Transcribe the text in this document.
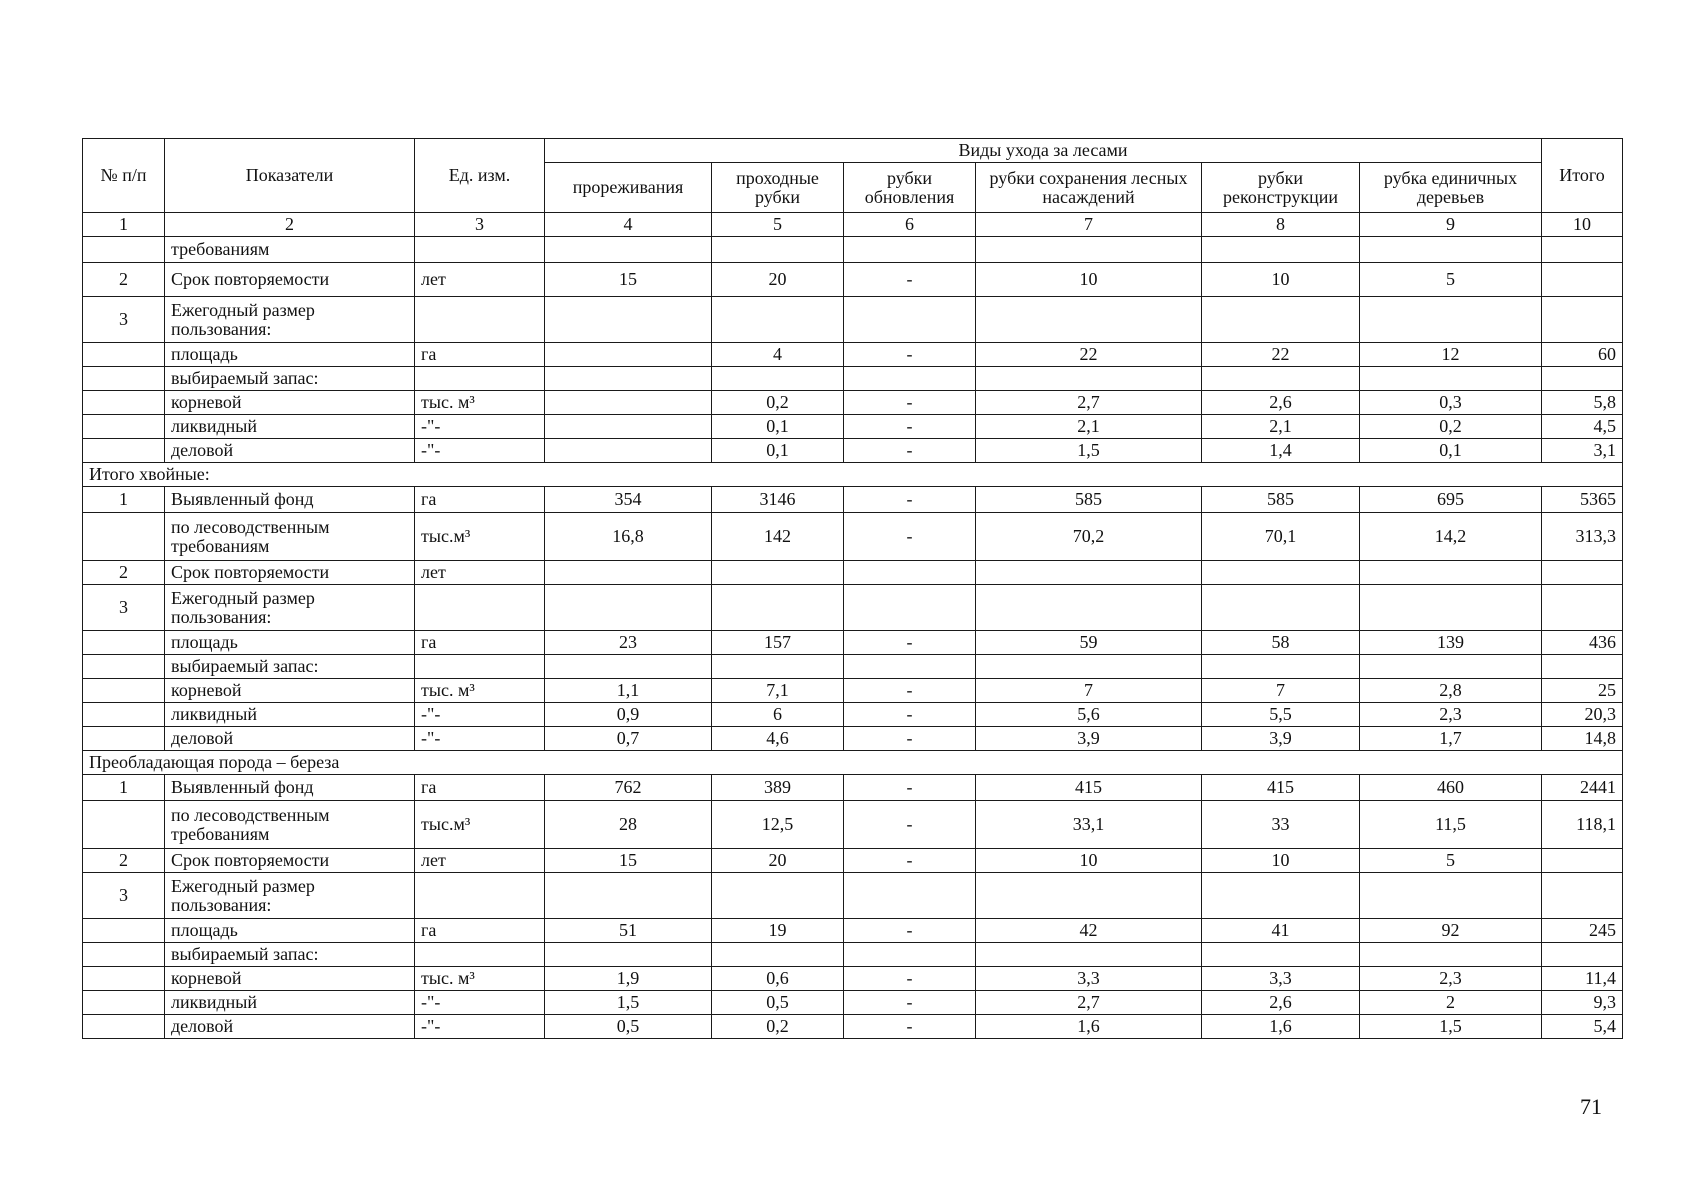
№ п/п	Показатели	Ед. изм.	Виды ухода за лесами						Итого
			прореживания	проходные рубки	рубки обновления	рубки сохранения лесных насаждений	рубки реконструкции	рубка единичных деревьев	
1	2	3	4	5	6	7	8	9	10
	требованиям								
2	Срок повторяемости	лет	15	20	-	10	10	5	
3	Ежегодный размер пользования:								
	площадь	га		4	-	22	22	12	60
	выбираемый запас:								
	корневой	тыс. м³		0,2	-	2,7	2,6	0,3	5,8
	ликвидный	-"-		0,1	-	2,1	2,1	0,2	4,5
	деловой	-"-		0,1	-	1,5	1,4	0,1	3,1
Итого хвойные:									
1	Выявленный фонд	га	354	3146	-	585	585	695	5365
	по лесоводственным требованиям	тыс.м³	16,8	142	-	70,2	70,1	14,2	313,3
2	Срок повторяемости	лет							
3	Ежегодный размер пользования:								
	площадь	га	23	157	-	59	58	139	436
	выбираемый запас:								
	корневой	тыс. м³	1,1	7,1	-	7	7	2,8	25
	ликвидный	-"-	0,9	6	-	5,6	5,5	2,3	20,3
	деловой	-"-	0,7	4,6	-	3,9	3,9	1,7	14,8
Преобладающая порода – береза									
1	Выявленный фонд	га	762	389	-	415	415	460	2441
	по лесоводственным требованиям	тыс.м³	28	12,5	-	33,1	33	11,5	118,1
2	Срок повторяемости	лет	15	20	-	10	10	5	
3	Ежегодный размер пользования:								
	площадь	га	51	19	-	42	41	92	245
	выбираемый запас:								
	корневой	тыс. м³	1,9	0,6	-	3,3	3,3	2,3	11,4
	ликвидный	-"-	1,5	0,5	-	2,7	2,6	2	9,3
	деловой	-"-	0,5	0,2	-	1,6	1,6	1,5	5,4
71
